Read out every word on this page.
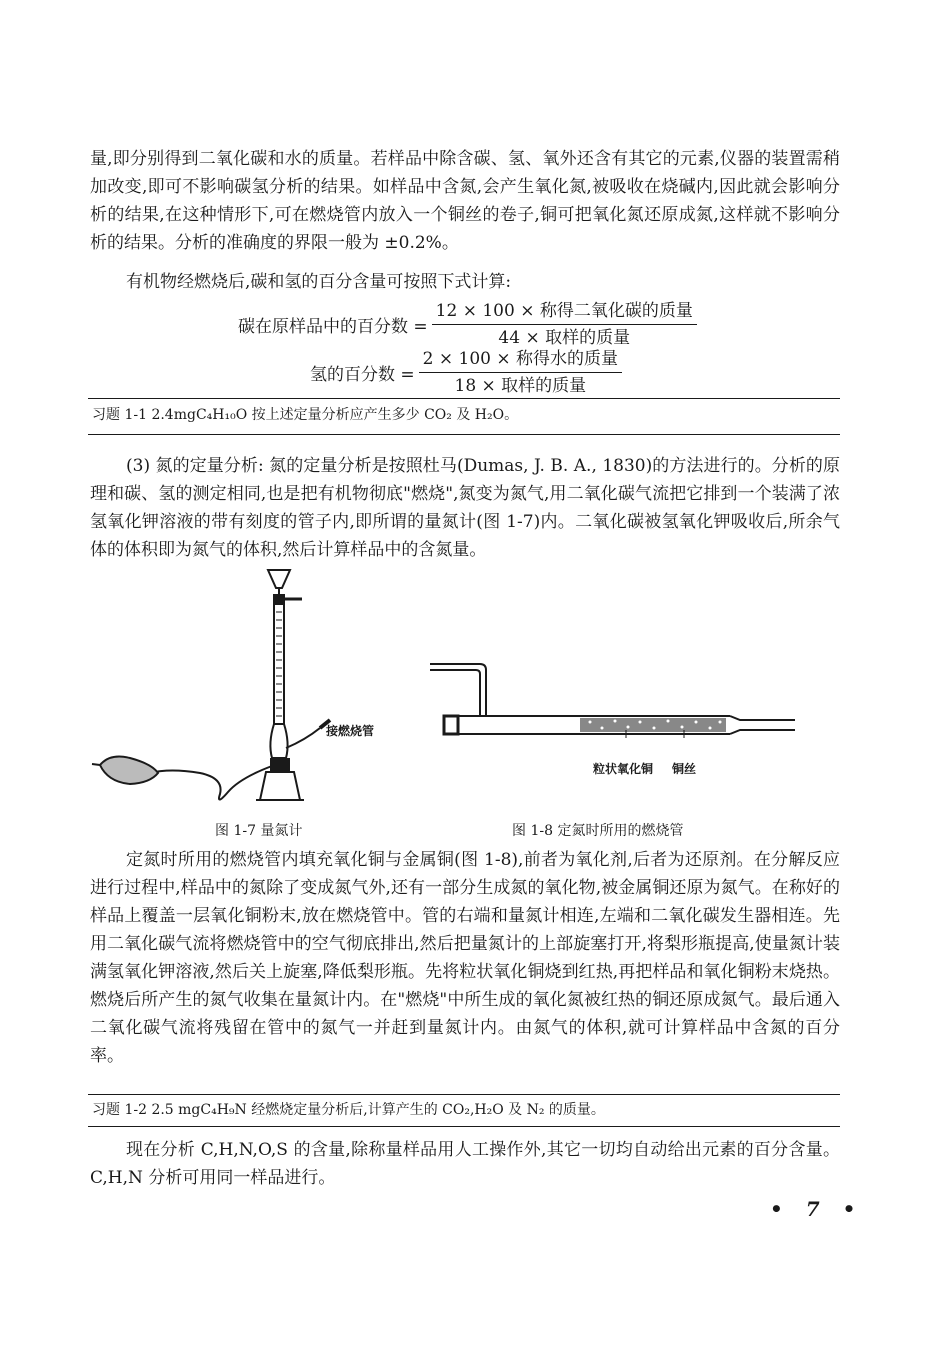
量,即分别得到二氧化碳和水的质量。若样品中除含碳、氢、氧外还含有其它的元素,仪器的装置需稍加改变,即可不影响碳氢分析的结果。如样品中含氮,会产生氧化氮,被吸收在烧碱内,因此就会影响分析的结果,在这种情形下,可在燃烧管内放入一个铜丝的卷子,铜可把氧化氮还原成氮,这样就不影响分析的结果。分析的准确度的界限一般为 ±0.2%。

有机物经燃烧后,碳和氢的百分含量可按照下式计算:

碳在原样品中的百分数 = $\frac{\text{12 × 100 × 称得二氧化碳的质量}}{\text{44 × 取样的质量}}$
氢的百分数 = $\frac{\text{2 × 100 × 称得水的质量}}{\text{18 × 取样的质量}}$
习题 1-1 2.4mgC₄H₁₀O 按上述定量分析应产生多少 CO₂ 及 H₂O。

(3) 氮的定量分析: 氮的定量分析是按照杜马(Dumas, J. B. A., 1830)的方法进行的。分析的原理和碳、氢的测定相同,也是把有机物彻底"燃烧",氮变为氮气,用二氧化碳气流把它排到一个装满了浓氢氧化钾溶液的带有刻度的管子内,即所谓的量氮计(图 1-7)内。二氧化碳被氢氧化钾吸收后,所余气体的体积即为氮气的体积,然后计算样品中的含氮量。

接燃烧管
图 1-7 量氮计
粒状氧化铜 铜丝
图 1-8 定氮时所用的燃烧管

定氮时所用的燃烧管内填充氧化铜与金属铜(图 1-8),前者为氧化剂,后者为还原剂。在分解反应进行过程中,样品中的氮除了变成氮气外,还有一部分生成氮的氧化物,被金属铜还原为氮气。在称好的样品上覆盖一层氧化铜粉末,放在燃烧管中。管的右端和量氮计相连,左端和二氧化碳发生器相连。先用二氧化碳气流将燃烧管中的空气彻底排出,然后把量氮计的上部旋塞打开,将梨形瓶提高,使量氮计装满氢氧化钾溶液,然后关上旋塞,降低梨形瓶。先将粒状氧化铜烧到红热,再把样品和氧化铜粉末烧热。燃烧后所产生的氮气收集在量氮计内。在"燃烧"中所生成的氧化氮被红热的铜还原成氮气。最后通入二氧化碳气流将残留在管中的氮气一并赶到量氮计内。由氮气的体积,就可计算样品中含氮的百分率。

习题 1-2 2.5 mgC₄H₉N 经燃烧定量分析后,计算产生的 CO₂,H₂O 及 N₂ 的质量。

现在分析 C,H,N,O,S 的含量,除称量样品用人工操作外,其它一切均自动给出元素的百分含量。C,H,N 分析可用同一样品进行。

• 7 •
